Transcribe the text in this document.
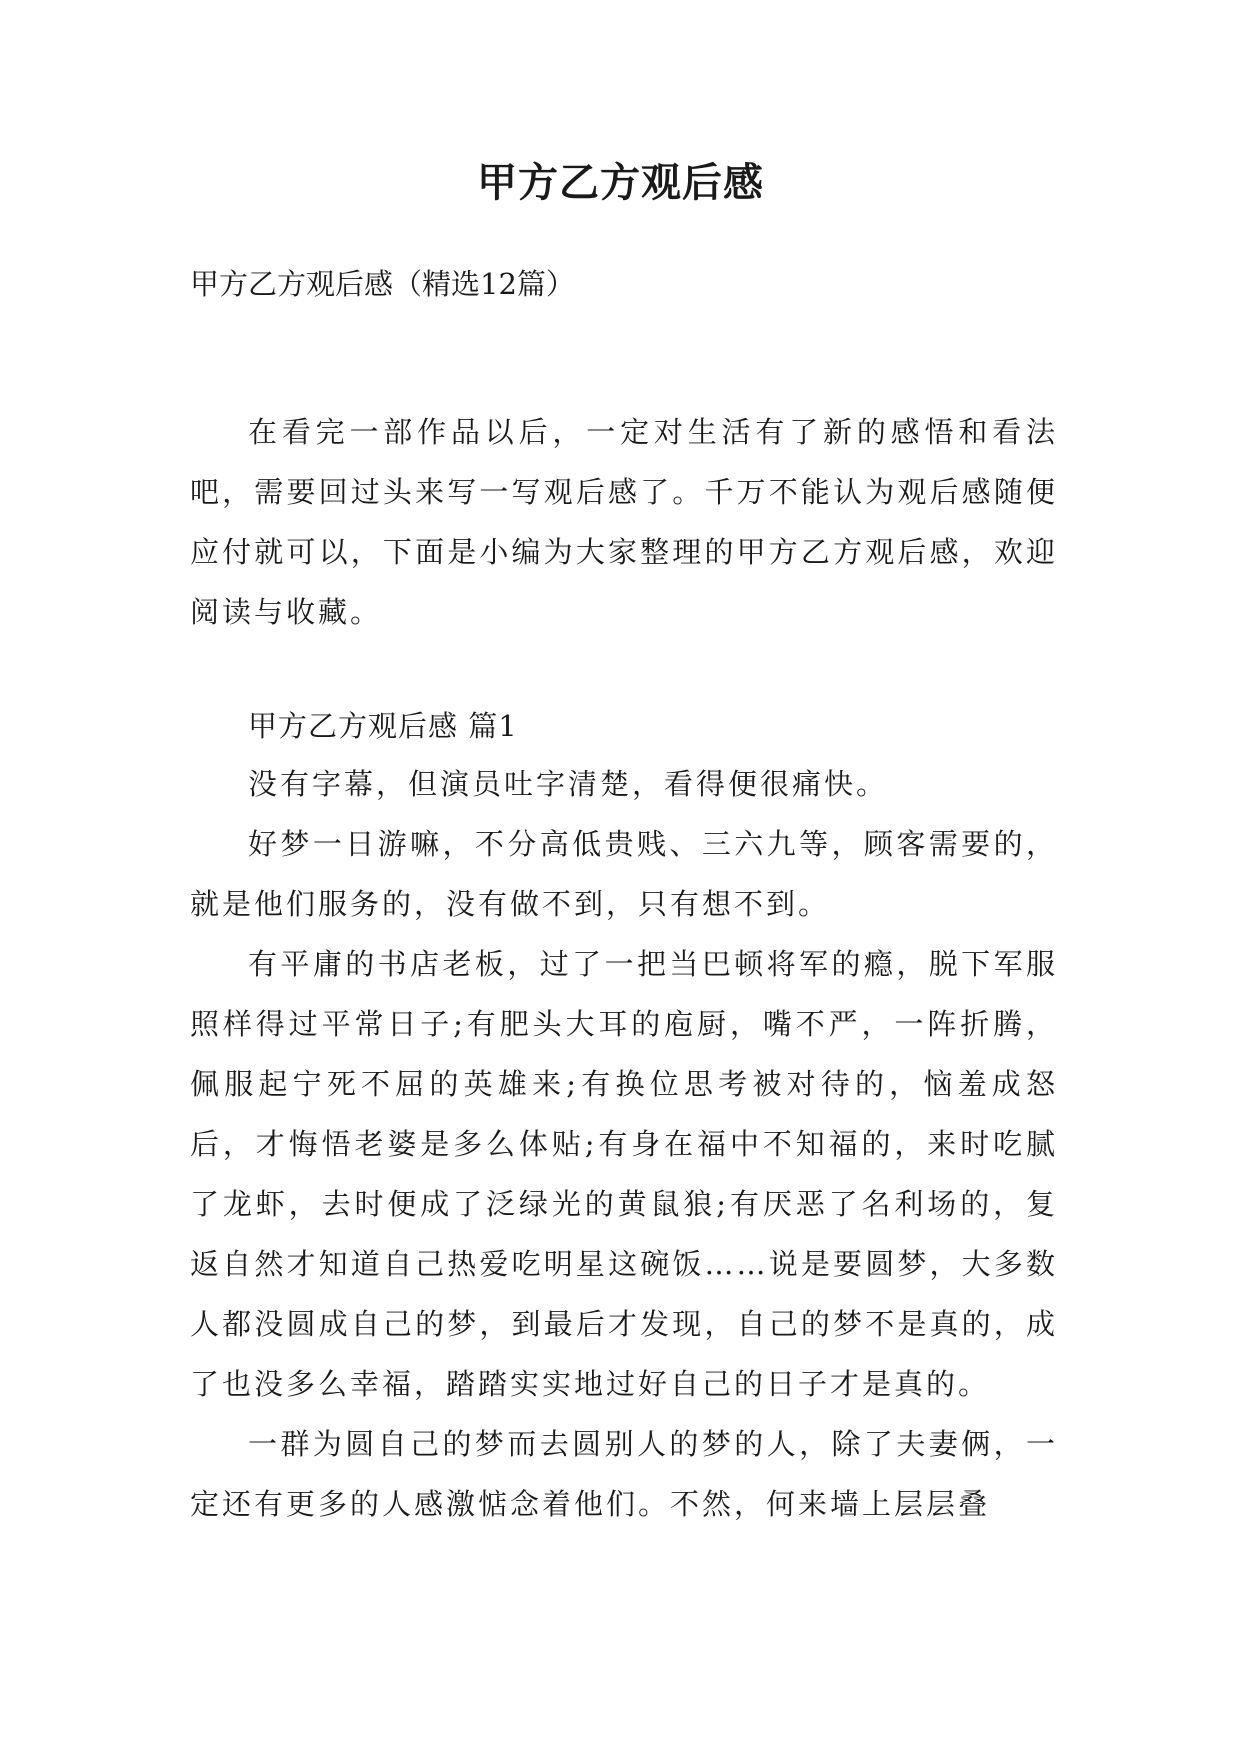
甲方乙方观后感

甲方乙方观后感（精选12篇）

在看完一部作品以后，一定对生活有了新的感悟和看法吧，需要回过头来写一写观后感了。千万不能认为观后感随便应付就可以，下面是小编为大家整理的甲方乙方观后感，欢迎阅读与收藏。

甲方乙方观后感 篇1

没有字幕，但演员吐字清楚，看得便很痛快。

好梦一日游嘛，不分高低贵贱、三六九等，顾客需要的，就是他们服务的，没有做不到，只有想不到。

有平庸的书店老板，过了一把当巴顿将军的瘾，脱下军服照样得过平常日子;有肥头大耳的庖厨，嘴不严，一阵折腾，佩服起宁死不屈的英雄来;有换位思考被对待的，恼羞成怒后，才悔悟老婆是多么体贴;有身在福中不知福的，来时吃腻了龙虾，去时便成了泛绿光的黄鼠狼;有厌恶了名利场的，复返自然才知道自己热爱吃明星这碗饭……说是要圆梦，大多数人都没圆成自己的梦，到最后才发现，自己的梦不是真的，成了也没多么幸福，踏踏实实地过好自己的日子才是真的。

一群为圆自己的梦而去圆别人的梦的人，除了夫妻俩，一定还有更多的人感激惦念着他们。不然，何来墙上层层叠
